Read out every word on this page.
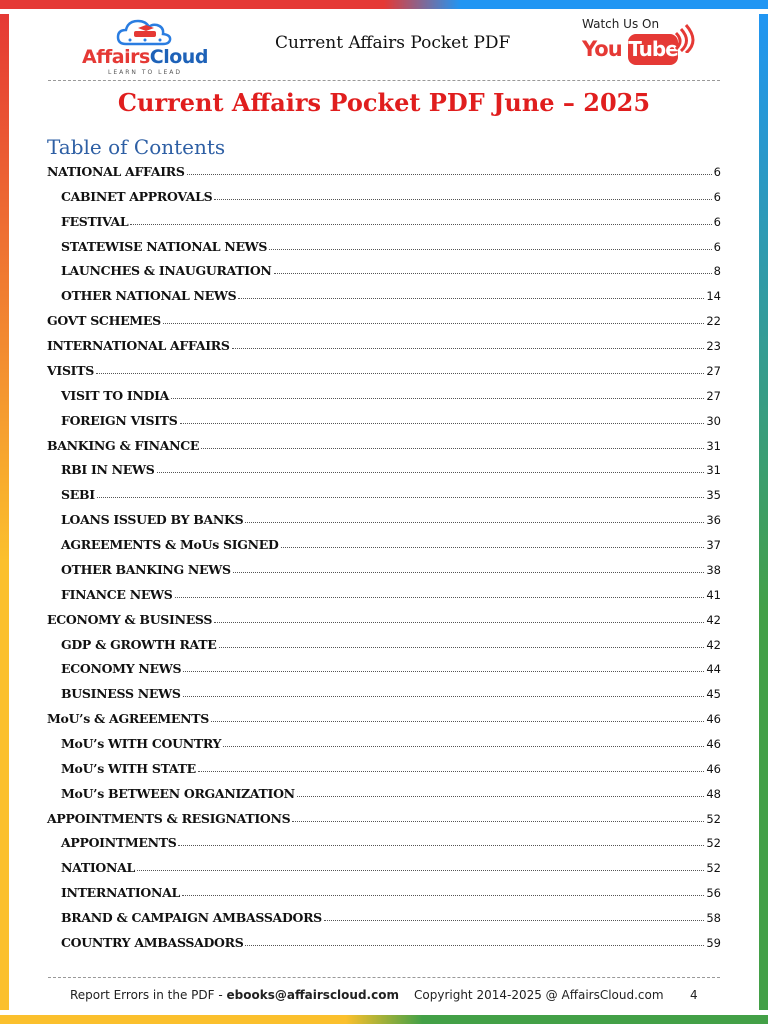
AffairsCloud
LEARN TO LEAD
Current Affairs Pocket PDF
Watch Us On
You Tube
Current Affairs Pocket PDF June – 2025
Table of Contents
NATIONAL AFFAIRS	6
CABINET APPROVALS	6
FESTIVAL	6
STATEWISE NATIONAL NEWS	6
LAUNCHES & INAUGURATION	8
OTHER NATIONAL NEWS	14
GOVT SCHEMES	22
INTERNATIONAL AFFAIRS	23
VISITS	27
VISIT TO INDIA	27
FOREIGN VISITS	30
BANKING & FINANCE	31
RBI IN NEWS	31
SEBI	35
LOANS ISSUED BY BANKS	36
AGREEMENTS & MoUs SIGNED	37
OTHER BANKING NEWS	38
FINANCE NEWS	41
ECONOMY & BUSINESS	42
GDP & GROWTH RATE	42
ECONOMY NEWS	44
BUSINESS NEWS	45
MoU’s & AGREEMENTS	46
MoU’s WITH COUNTRY	46
MoU’s WITH STATE	46
MoU’s BETWEEN ORGANIZATION	48
APPOINTMENTS & RESIGNATIONS	52
APPOINTMENTS	52
NATIONAL	52
INTERNATIONAL	56
BRAND & CAMPAIGN AMBASSADORS	58
COUNTRY AMBASSADORS	59
Report Errors in the PDF - ebooks@affairscloud.com Copyright 2014-2025 @ AffairsCloud.com 4
